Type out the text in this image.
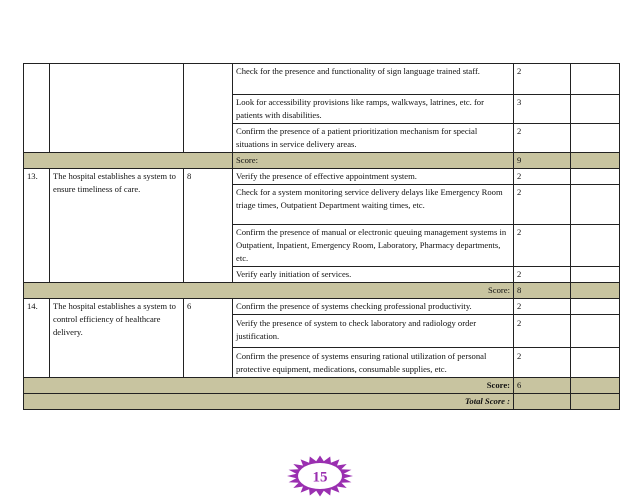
			Check for the presence and functionality of sign language trained staff.	2	
			Look for accessibility provisions like ramps, walkways, latrines, etc. for patients with disabilities.	3	
			Confirm the presence of a patient prioritization mechanism for special situations in service delivery areas.	2	
			Score:	9	
13.	The hospital establishes a system to ensure timeliness of care.	8	Verify the presence of effective appointment system.	2	
			Check for a system monitoring service delivery delays like Emergency Room triage times, Outpatient Department waiting times, etc.	2	
			Confirm the presence of manual or electronic queuing management systems in Outpatient, Inpatient, Emergency Room, Laboratory, Pharmacy departments, etc.	2	
			Verify early initiation of services.	2	
Score:				8	
14.	The hospital establishes a system to control efficiency of healthcare delivery.	6	Confirm the presence of systems checking professional productivity.	2	
			Verify the presence of system to check laboratory and radiology order justification.	2	
			Confirm the presence of systems ensuring rational utilization of personal protective equipment, medications, consumable supplies, etc.	2	
Score:				6	
Total Score :					
15
